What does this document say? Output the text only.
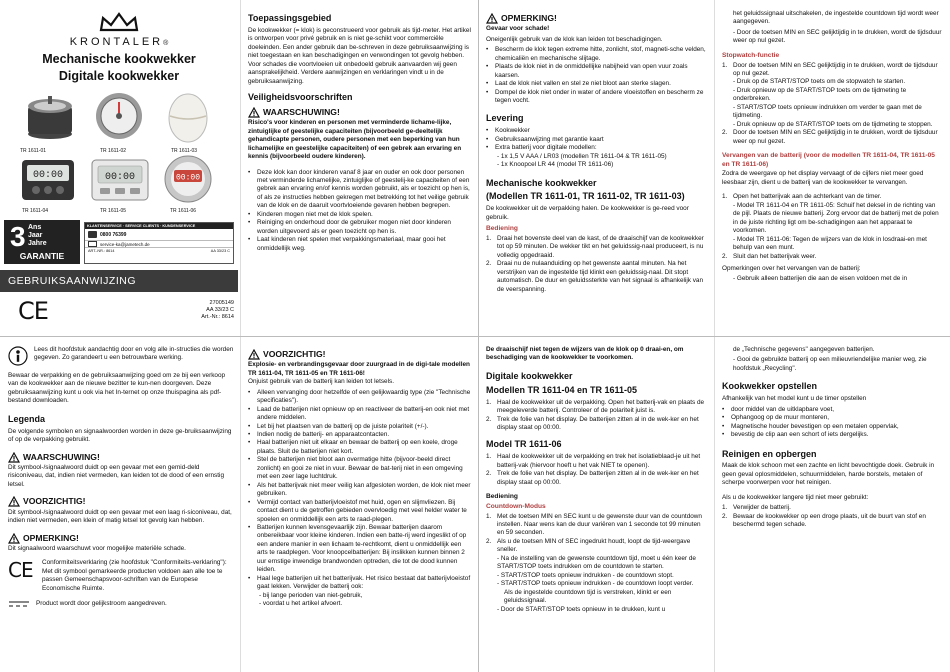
KRONTALER®
Mechanische kookwekker
Digitale kookwekker
TR 1611-01	TR 1611-02	TR 1611-03
00:00	00:00	00:00
TR 1611-04	TR 1611-05	TR 1611-06
3 Ans
Jaar
Jahre
GARANTIE
KLANTENSERVICE · SERVICE CLIENTS · KUNDENSERVICE
0800 76399
service-ka@jametech.de
ART.-NR.: 8614	AA 33/23 C
GEBRUIKSAANWIJZING
CE	27005149
AA 33/23 C
Art.-Nr.: 8614
Toepassingsgebied

De kookwekker (= klok) is geconstrueerd voor gebruik als tijd-meter. Het artikel is ontworpen voor privé gebruik en is niet ge-schikt voor commerciële doeleinden. Een ander gebruik dan be-schreven in deze gebruiksaanwijzing is niet toegestaan en kan beschadigingen en verwondingen tot gevolg hebben. Voor schades die voortvloeien uit onbedoeld gebruik aanvaarden wij geen aansprakelijkheid. Verdere aanwijzingen en verklaringen vindt u in de gebruiksaanwijzing.

Veiligheidsvoorschriften
WAARSCHUWING!

Risico's voor kinderen en personen met verminderde lichame-lijke, zintuiglijke of geestelijke capaciteiten (bijvoorbeeld ge-deeltelijk gehandicapte personen, oudere personen met een beperking van hun lichamelijke en geestelijke capaciteiten) of een gebrek aan ervaring en kennis (bijvoorbeeld oudere kinderen).

•	Deze klok kan door kinderen vanaf 8 jaar en ouder en ook door personen met verminderde lichamelijke, zintuiglijke of geestelij-ke capaciteiten of een gebrek aan ervaring en/of kennis worden gebruikt, als er toezicht op hen is, of als ze instructies hebben gekregen met betrekking tot het veilige gebruik van de klok en de daaruit voortvloeiende gevaren hebben begrepen.
•	Kinderen mogen niet met de klok spelen.
•	Reiniging en onderhoud door de gebruiker mogen niet door kinderen worden uitgevoerd als er geen toezicht op hen is.
•	Laat kinderen niet spelen met verpakkingsmateriaal, maar gooi het onmiddellijk weg.
OPMERKING!

Gevaar voor schade!

Oneigenlijk gebruik van de klok kan leiden tot beschadigingen.

•	Bescherm de klok tegen extreme hitte, zonlicht, stof, magneti-sche velden, chemicaliën en mechanische slijtage.
•	Plaats de klok niet in de onmiddellijke nabijheid van open vuur zoals kaarsen.
•	Laat de klok niet vallen en stel ze niet bloot aan sterke slagen.
•	Dompel de klok niet onder in water of andere vloeistoffen en bescherm ze tegen vocht.
Levering
•	Kookwekker
•	Gebruiksaanwijzing met garantie kaart
•	Extra batterij voor digitale modellen:
- 1x 1,5 V AAA / LR03 (modellen TR 1611-04 & TR 1611-05)
- 1x Knoopcel LR 44 (model TR 1611-06)
Mechanische kookwekker
(Modellen TR 1611-01, TR 1611-02, TR 1611-03)

De kookwekker uit de verpakking halen. De kookwekker is ge-reed voor gebruik.

Bediening
1. Draai het bovenste deel van de kast, of de draaischijf van de kookwekker tot op 59 minuten. De wekker tikt en het geluidssig-naal produceert, is nu volledig opgedraaid.
2. Draai nu de nulaanduiding op het gewenste aantal minuten. Na het verstrijken van de ingestelde tijd klinkt een geluidssig-naal. Dit stopt automatisch. De duur en geluidssterkte van het signaal is afhankelijk van de veerspanning.

het geluidssignaal uitschakelen, de ingestelde countdown tijd wordt weer aangegeven.

- Door de toetsen MIN en SEC gelijktijdig in te drukken, wordt de tijdsduur weer op nul gezet.

Stopwatch-functie
1. Door de toetsen MIN en SEC gelijktijdig in te drukken, wordt de tijdsduur op nul gezet.
- Druk op de START/STOP toets om de stopwatch te starten.
- Druk opnieuw op de START/STOP toets om de tijdmeting te onderbreken.
- START/STOP toets opnieuw indrukken om verder te gaan met de tijdmeting.
- Druk opnieuw op de START/STOP toets om de tijdmeting te stoppen.
2. Door de toetsen MIN en SEC gelijktijdig in te drukken, wordt de tijdsduur weer op nul gezet.
Vervangen van de batterij (voor de modellen TR 1611-04, TR 1611-05 en TR 1611-06)

Zodra de weergave op het display vervaagt of de cijfers niet meer goed leesbaar zijn, dient u de batterij van de kookwekker te vervangen.

1. Open het batterijvak aan de achterkant van de timer.
- Model TR 1611-04 en TR 1611-05: Schuif het deksel in de richting van de pijl. Plaats de nieuwe batterij. Zorg ervoor dat de batterij met de polen in de juiste richting ligt om be-schadigingen aan het apparaat te voorkomen.
- Model TR 1611-06: Tegen de wijzers van de klok in losdraai-en met behulp van een munt.
2. Sluit dan het batterijvak weer.

Opmerkingen over het vervangen van de batterij:

- Gebruik alleen batterijen die aan de eisen voldoen met de in

Lees dit hoofdstuk aandachtig door en volg alle in-structies die worden gegeven. Zo garandeert u een betrouwbare werking.

Bewaar de verpakking en de gebruiksaanwijzing goed om ze bij een verkoop van de kookwekker aan de nieuwe bezitter te kun-nen doorgeven. Deze gebruiksaanwijzing kunt u ook via het In-ternet op onze thuispagina als pdf-bestand downloaden.

Legenda

De volgende symbolen en signaalwoorden worden in deze ge-bruiksaanwijzing of op de verpakking gebruikt.

WAARSCHUWING!

Dit symbool-/signaalwoord duidt op een gevaar met een gemid-deld risiconiveau, dat, indien niet vermeden, kan leiden tot de dood of een ernstig letsel.

VOORZICHTIG!

Dit symbool-/signaalwoord duidt op een gevaar met een laag ri-siconiveau, dat, indien niet vermeden, een klein of matig letsel tot gevolg kan hebben.

OPMERKING!

Dit signaalwoord waarschuwt voor mogelijke materiële schade.

CE	Conformiteitsverklaring (zie hoofdstuk "Conformiteits-verklaring"): Met dit symbool gemarkeerde producten voldoen aan alle toe te passen Gemeenschapsvoor-schriften van de Europese Economische Ruimte.

Product wordt door gelijkstroom aangedreven.
VOORZICHTIG!

Explosie- en verbrandingsgevaar door zuurgraad in de digi-tale modellen TR 1611-04, TR 1611-05 en TR 1611-06!

Onjuist gebruik van de batterij kan leiden tot letsels.

•	Alleen vervanging door hetzelfde of een gelijkwaardig type (zie "Technische specificaties").
•	Laad de batterijen niet opnieuw op en reactiveer de batterij-en ook niet met andere middelen.
•	Let bij het plaatsen van de batterij op de juiste polariteit (+/-).
•	Indien nodig de batterij- en apparaatcontacten.
•	Haal batterijen niet uit elkaar en bewaar de batterij op een koele, droge plaats. Sluit de batterijen niet kort.
•	Stel de batterijen niet bloot aan overmatige hitte (bijvoor-beeld direct zonlicht) en gooi ze niet in vuur. Bewaar de bat-terij niet in een omgeving met een zeer lage luchtdruk.
•	Als het batterijvak niet meer veilig kan afgesloten worden, de klok niet meer gebruiken.
•	Vermijd contact van batterijvloeistof met huid, ogen en slijmvliezen. Bij contact dient u de getroffen gebieden overvloedig met veel helder water te spoelen en onmiddellijk een arts te raad-plegen.
•	Batterijen kunnen levensgevaarlijk zijn. Bewaar batterijen daarom onbereikbaar voor kleine kinderen. Indien een batte-rij werd ingeslikt of op een andere manier in een lichaam te-rechtkomt, dient u onmiddellijk een arts te raadplegen. Voor knoopcelbatterijen: Bij inslikken kunnen binnen 2 uur ernstige inwendige brandwonden optreden, die tot de dood kunnen leiden.
•	Haal lege batterijen uit het batterijvak. Het risico bestaat dat batterijvloeistof gaat lekken. Verwijder de batterij ook:
- bij lange perioden van niet-gebruik,
- voordat u het artikel afvoert.

De draaischijf niet tegen de wijzers van de klok op 0 draai-en, om beschadiging van de kookwekker te voorkomen.

Digitale kookwekker
Modellen TR 1611-04 en TR 1611-05
1. Haal de kookwekker uit de verpakking. Open het batterij-vak en plaats de meegeleverde batterij. Controleer of de polariteit juist is.
2. Trek de folie van het display. De batterijen zitten al in de wek-ker en het display staat op 00:00.
Model TR 1611-06
1. Haal de kookwekker uit de verpakking en trek het isolatieblaad-je uit het batterij-vak (hiervoor hoeft u het vak NIET te openen).
2. Trek de folie van het display. De batterijen zitten al in de wek-ker en het display staat op 00:00.
Bediening
Countdown-Modus
1. Met de toetsen MIN en SEC kunt u de gewenste duur van de countdown instellen. Naar wens kan de duur variëren van 1 seconde tot 99 minuten en 59 seconden.
2. Als u de toetsen MIN of SEC ingedrukt houdt, loopt de tijd-weergave sneller.
- Na de instelling van de gewenste countdown tijd, moet u één keer de START/STOP toets indrukken om de countdown te starten.
- START/STOP toets opnieuw indrukken - de countdown stopt.
- START/STOP toets opnieuw indrukken - de countdown loopt verder.
Als de ingestelde countdown tijd is verstreken, klinkt er een geluidssignaal.
- Door de START/STOP toets opnieuw in te drukken, kunt u

de „Technische gegevens" aangegeven batterijen.

- Gooi de gebruikte batterij op een milieuvriendelijke manier weg, zie hoofdstuk „Recycling".

Kookwekker opstellen

Afhankelijk van het model kunt u de timer opstellen

•	door middel van de uitklapbare voet,
•	Ophangoog op de muur monteren,
•	Magnetische houder bevestigen op een metalen oppervlak,
•	bevestig de clip aan een schort of iets dergelijks.
Reinigen en opbergen

Maak de klok schoon met een zachte en licht bevochtigde doek. Gebruik in geen geval oplosmiddelen, schuurmiddelen, harde borstels, metalen of scherpe voorwerpen voor het reinigen.

Als u de kookwekker langere tijd niet meer gebruikt:

1. Verwijder de batterij.
2. Bewaar de kookwekker op een droge plaats, uit de buurt van stof en beschermd tegen schade.
